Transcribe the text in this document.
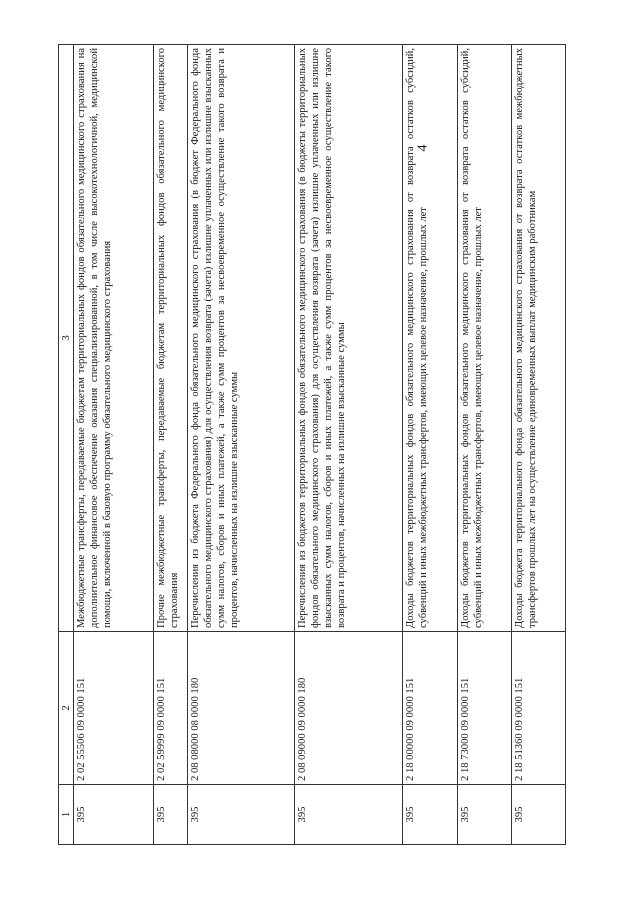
4
1	2	3
395	2 02 55506 09 0000 151	Межбюджетные трансферты, передаваемые бюджетам территориальных фондов обязательного медицинского страхования на дополнительное финансовое обеспечение оказания специализированной, в том числе высокотехнологичной, медицинской помощи, включенной в базовую программу обязательного медицинского страхования
395	2 02 59999 09 0000 151	Прочие межбюджетные трансферты, передаваемые бюджетам территориальных фондов обязательного медицинского страхования
395	2 08 08000 08 0000 180	Перечисления из бюджета Федерального фонда обязательного медицинского страхования (в бюджет Федерального фонда обязательного медицинского страхования) для осуществления возврата (зачета) излишне уплаченных или излишне взысканных сумм налогов, сборов и иных платежей, а также сумм процентов за несвоевременное осуществление такого возврата и процентов, начисленных на излишне взысканные суммы
395	2 08 09000 09 0000 180	Перечисления из бюджетов территориальных фондов обязательного медицинского страхования (в бюджеты территориальных фондов обязательного медицинского страхования) для осуществления возврата (зачета) излишне уплаченных или излишне взысканных сумм налогов, сборов и иных платежей, а также сумм процентов за несвоевременное осуществление такого возврата и процентов, начисленных на излишне взысканные суммы
395	2 18 00000 09 0000 151	Доходы бюджетов территориальных фондов обязательного медицинского страхования от возврата остатков субсидий, субвенций и иных межбюджетных трансфертов, имеющих целевое назначение, прошлых лет
395	2 18 73000 09 0000 151	Доходы бюджетов территориальных фондов обязательного медицинского страхования от возврата остатков субсидий, субвенций и иных межбюджетных трансфертов, имеющих целевое назначение, прошлых лет
395	2 18 51360 09 0000 151	Доходы бюджета территориального фонда обязательного медицинского страхования от возврата остатков межбюджетных трансфертов прошлых лет на осуществление единовременных выплат медицинским работникам
